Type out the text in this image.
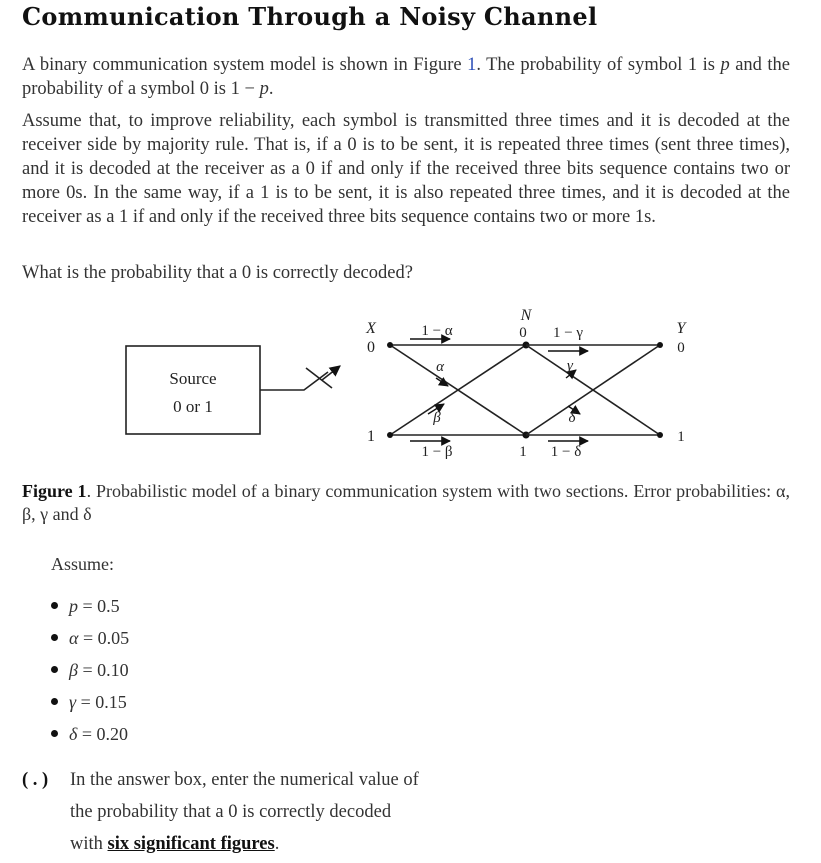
Communication Through a Noisy Channel

A binary communication system model is shown in Figure 1. The probability of symbol 1 is p and the probability of a symbol 0 is 1 − p.

Assume that, to improve reliability, each symbol is transmitted three times and it is decoded at the receiver side by majority rule. That is, if a 0 is to be sent, it is repeated three times (sent three times), and it is decoded at the receiver as a 0 if and only if the received three bits sequence contains two or more 0s. In the same way, if a 1 is to be sent, it is also repeated three times, and it is decoded at the receiver as a 1 if and only if the received three bits sequence contains two or more 1s.

What is the probability that a 0 is correctly decoded?

Source
0 or 1
X
0
1
1 − α
α
β
1 − β
N
0
1
1 − γ
γ
δ
1 − δ
Y
0
1

Figure 1. Probabilistic model of a binary communication system with two sections. Error probabilities: α, β, γ and δ

Assume:

p = 0.5
α = 0.05
β = 0.10
γ = 0.15
δ = 0.20
( . ) In the answer box, enter the numerical value of
the probability that a 0 is correctly decoded
with six significant figures.
